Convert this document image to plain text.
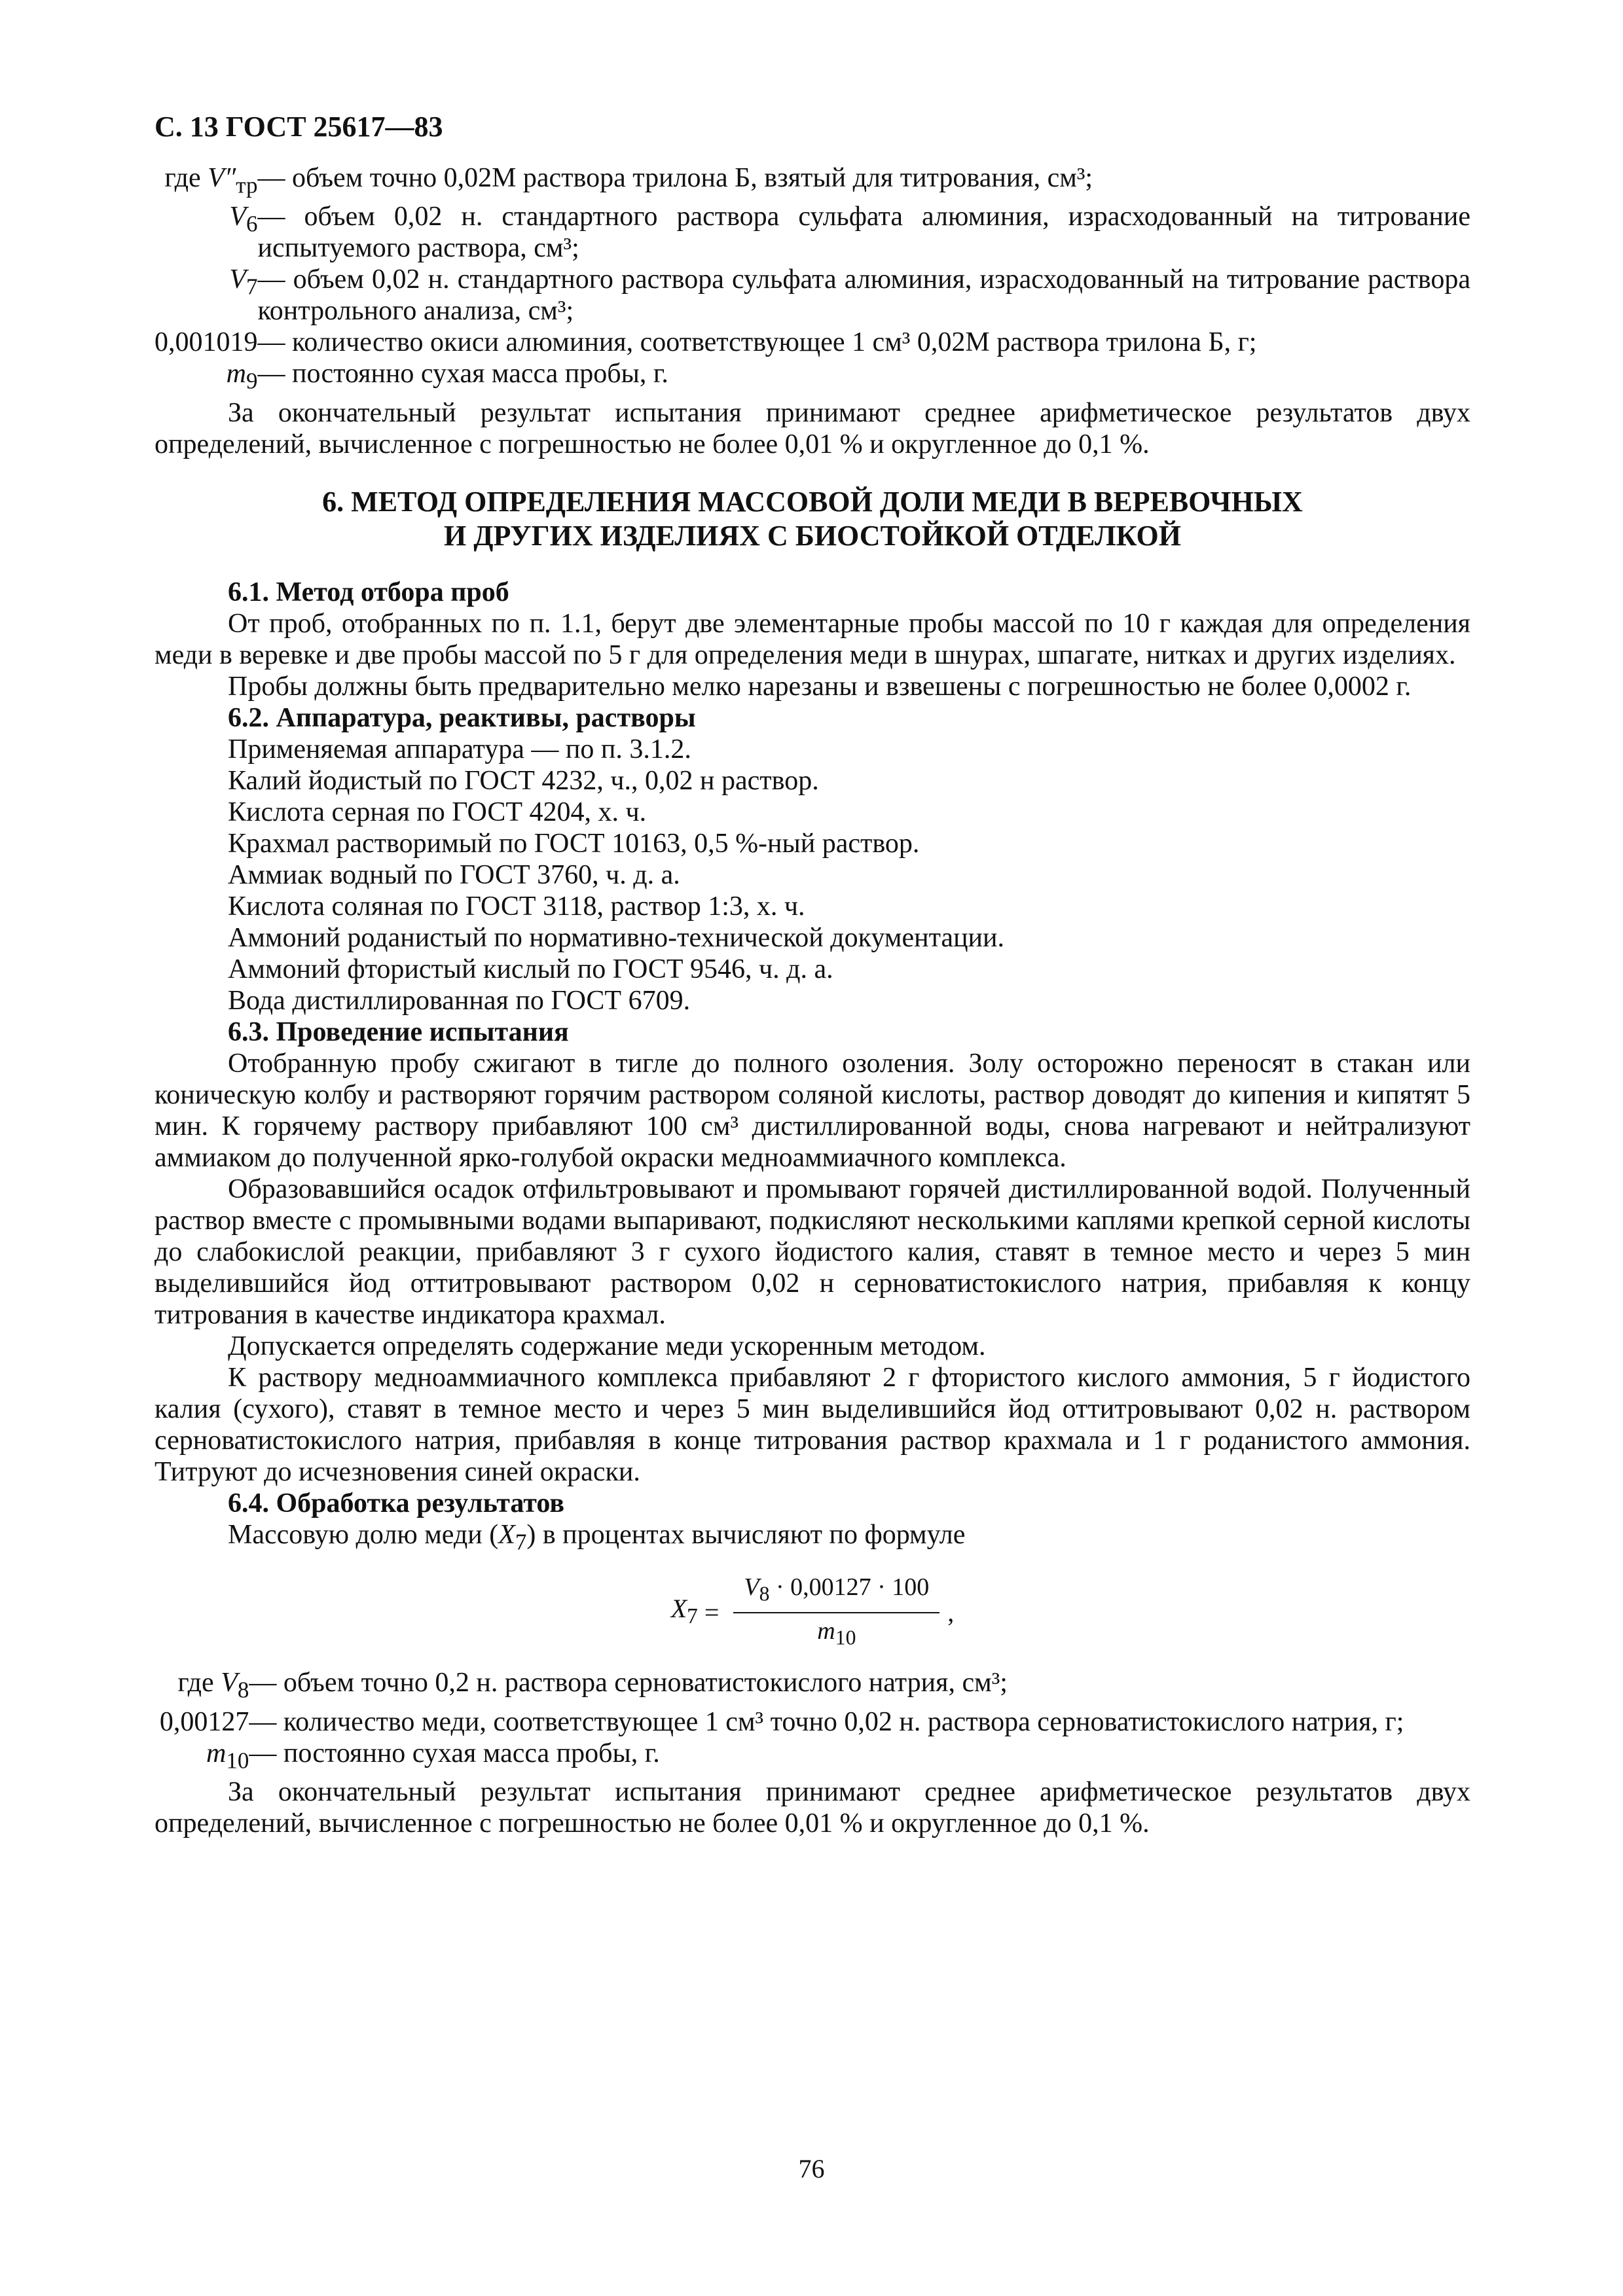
С. 13 ГОСТ 25617—83
где $V''_{тр}$	— объем точно 0,02М раствора трилона Б, взятый для титрования, см³;
$V_6$	— объем 0,02 н. стандартного раствора сульфата алюминия, израсходованный на титрование испытуемого раствора, см³;
$V_7$	— объем 0,02 н. стандартного раствора сульфата алюминия, израсходованный на титрование раствора контрольного анализа, см³;
0,001019	— количество окиси алюминия, соответствующее 1 см³ 0,02М раствора трилона Б, г;
$m_9$	— постоянно сухая масса пробы, г.

За окончательный результат испытания принимают среднее арифметическое результатов двух определений, вычисленное с погрешностью не более 0,01 % и округленное до 0,1 %.

6. МЕТОД ОПРЕДЕЛЕНИЯ МАССОВОЙ ДОЛИ МЕДИ В ВЕРЕВОЧНЫХ
И ДРУГИХ ИЗДЕЛИЯХ С БИОСТОЙКОЙ ОТДЕЛКОЙ

6.1. Метод отбора проб

От проб, отобранных по п. 1.1, берут две элементарные пробы массой по 10 г каждая для определения меди в веревке и две пробы массой по 5 г для определения меди в шнурах, шпагате, нитках и других изделиях.

Пробы должны быть предварительно мелко нарезаны и взвешены с погрешностью не более 0,0002 г.

6.2. Аппаратура, реактивы, растворы

Применяемая аппаратура — по п. 3.1.2.

Калий йодистый по ГОСТ 4232, ч., 0,02 н раствор.

Кислота серная по ГОСТ 4204, х. ч.

Крахмал растворимый по ГОСТ 10163, 0,5 %-ный раствор.

Аммиак водный по ГОСТ 3760, ч. д. а.

Кислота соляная по ГОСТ 3118, раствор 1:3, х. ч.

Аммоний роданистый по нормативно-технической документации.

Аммоний фтористый кислый по ГОСТ 9546, ч. д. а.

Вода дистиллированная по ГОСТ 6709.

6.3. Проведение испытания

Отобранную пробу сжигают в тигле до полного озоления. Золу осторожно переносят в стакан или коническую колбу и растворяют горячим раствором соляной кислоты, раствор доводят до кипения и кипятят 5 мин. К горячему раствору прибавляют 100 см³ дистиллированной воды, снова нагревают и нейтрализуют аммиаком до полученной ярко-голубой окраски медноаммиачного комплекса.

Образовавшийся осадок отфильтровывают и промывают горячей дистиллированной водой. Полученный раствор вместе с промывными водами выпаривают, подкисляют несколькими каплями крепкой серной кислоты до слабокислой реакции, прибавляют 3 г сухого йодистого калия, ставят в темное место и через 5 мин выделившийся йод оттитровывают раствором 0,02 н серноватистокислого натрия, прибавляя к концу титрования в качестве индикатора крахмал.

Допускается определять содержание меди ускоренным методом.

К раствору медноаммиачного комплекса прибавляют 2 г фтористого кислого аммония, 5 г йодистого калия (сухого), ставят в темное место и через 5 мин выделившийся йод оттитровывают 0,02 н. раствором серноватистокислого натрия, прибавляя в конце титрования раствор крахмала и 1 г роданистого аммония. Титруют до исчезновения синей окраски.

6.4. Обработка результатов

Массовую долю меди $(X_7)$ в процентах вычисляют по формуле

$X_7 = \frac{V_8 \cdot 0,00127 \cdot 100}{m_{10}}$ ,
где $V_8$	— объем точно 0,2 н. раствора серноватистокислого натрия, см³;
0,00127	— количество меди, соответствующее 1 см³ точно 0,02 н. раствора серноватистокислого натрия, г;
$m_{10}$	— постоянно сухая масса пробы, г.

За окончательный результат испытания принимают среднее арифметическое результатов двух определений, вычисленное с погрешностью не более 0,01 % и округленное до 0,1 %.

76
